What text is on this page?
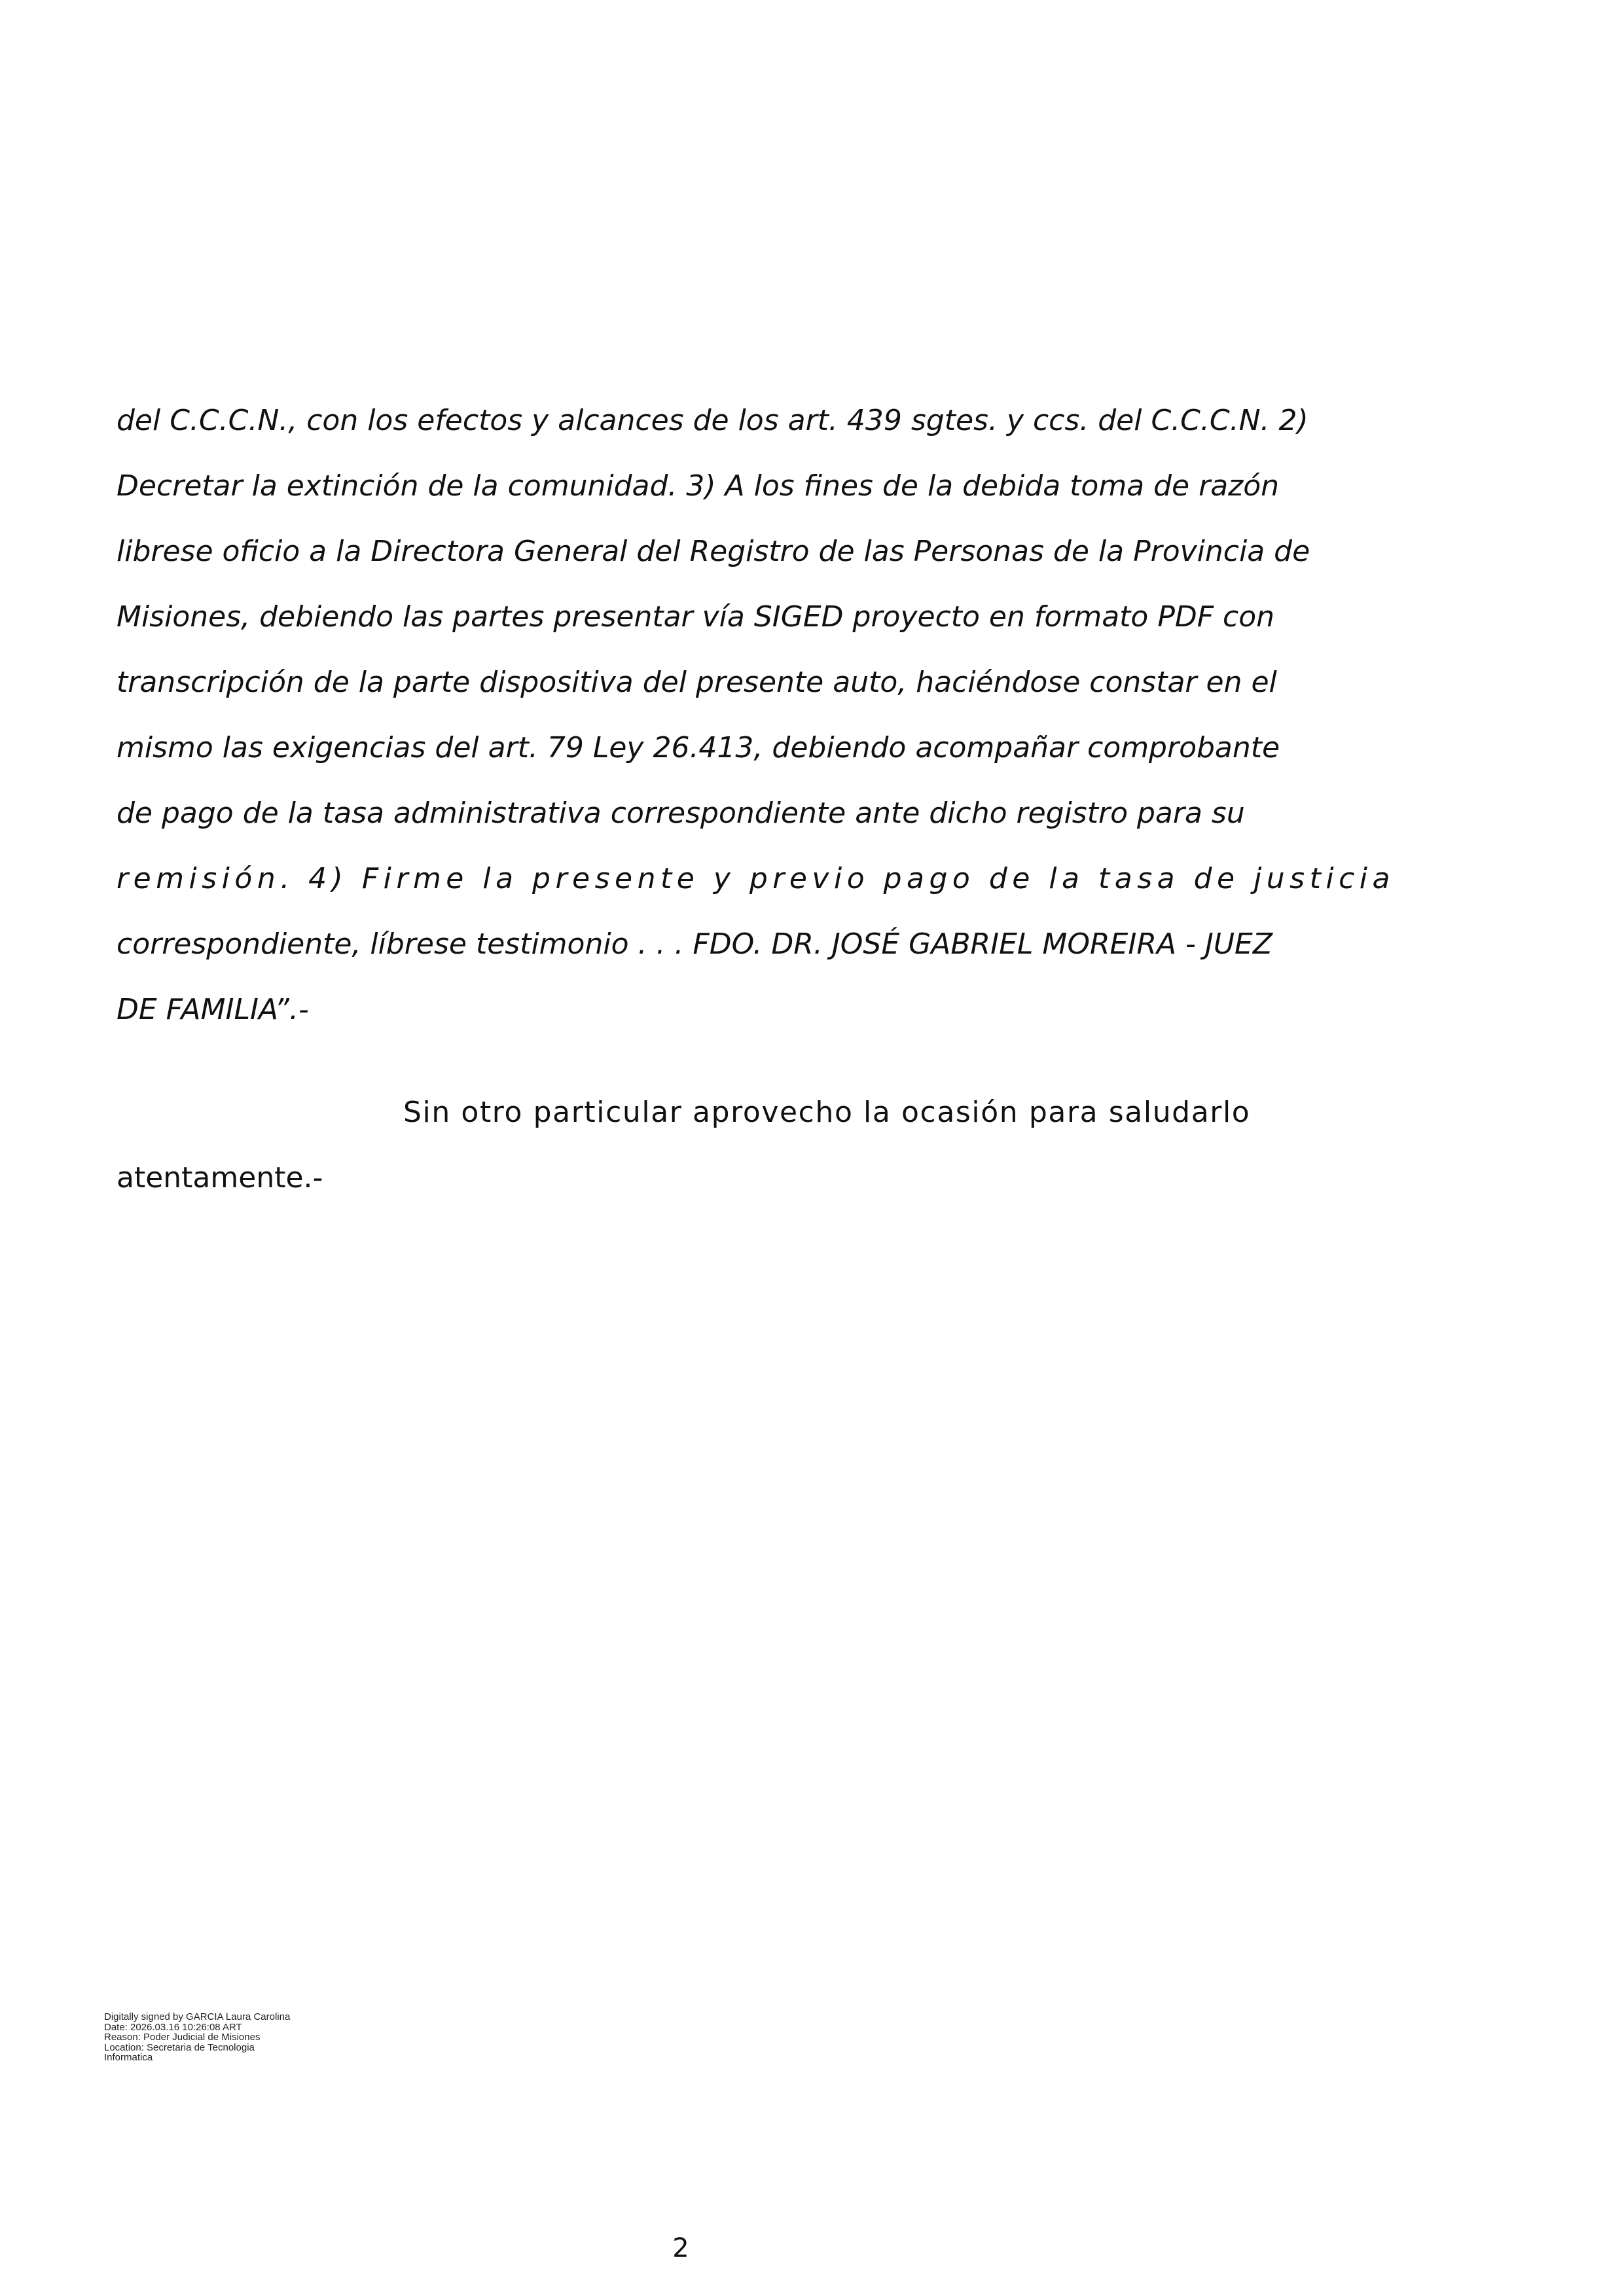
del C.C.C.N., con los efectos y alcances de los art. 439 sgtes. y ccs. del C.C.C.N. 2)
Decretar la extinción de la comunidad. 3) A los fines de la debida toma de razón
librese oficio a la Directora General del Registro de las Personas de la Provincia de
Misiones, debiendo las partes presentar vía SIGED proyecto en formato PDF con
transcripción de la parte dispositiva del presente auto, haciéndose constar en el
mismo las exigencias del art. 79 Ley 26.413, debiendo acompañar comprobante
de pago de la tasa administrativa correspondiente ante dicho registro para su
remisión. 4) Firme la presente y previo pago de la tasa de justicia
correspondiente, líbrese testimonio . . . FDO. DR. JOSÉ GABRIEL MOREIRA - JUEZ
DE FAMILIA”.-
Sin otro particular aprovecho la ocasión para saludarlo
atentamente.-
Digitally signed by GARCIA Laura Carolina
Date: 2026.03.16 10:26:08 ART
Reason: Poder Judicial de Misiones
Location: Secretaria de Tecnologia
Informatica
2
